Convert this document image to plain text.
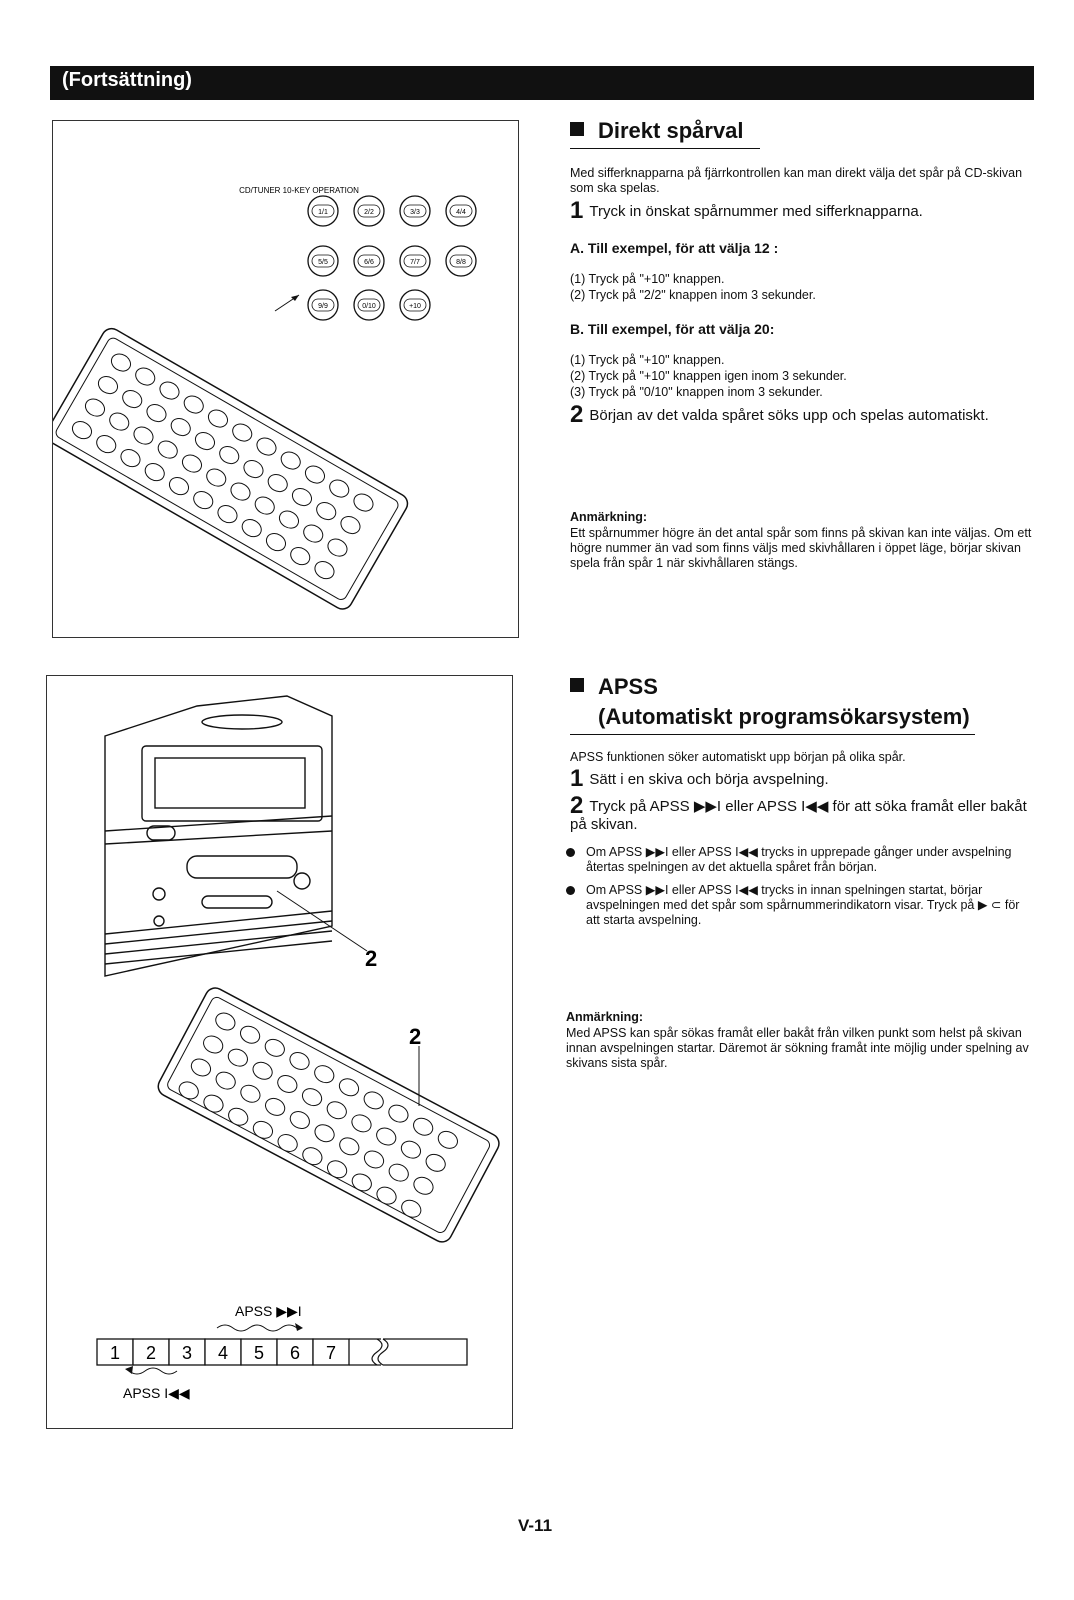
(Fortsättning)
CD/TUNER 10-KEY OPERATION
1/1	2/2	3/3	4/4
5/5	6/6	7/7	8/8
9/9	0/10	+10
Direkt spårval
Med sifferknapparna på fjärrkontrollen kan man direkt välja det spår på CD-skivan som ska spelas.
1 Tryck in önskat spårnummer med sifferknapparna.
A. Till exempel, för att välja 12 :
(1) Tryck på "+10" knappen.
(2) Tryck på "2/2" knappen inom 3 sekunder.
B. Till exempel, för att välja 20:
(1) Tryck på "+10" knappen.
(2) Tryck på "+10" knappen igen inom 3 sekunder.
(3) Tryck på "0/10" knappen inom 3 sekunder.
2 Början av det valda spåret söks upp och spelas automatiskt.
Anmärkning:
Ett spårnummer högre än det antal spår som finns på skivan kan inte väljas. Om ett högre nummer än vad som finns väljs med skivhållaren i öppet läge, börjar skivan spela från spår 1 när skivhållaren stängs.
2
2
APSS ▶▶I
1 2 3 4 5 6 7
APSS I◀◀
APSS
(Automatiskt programsökarsystem)
APSS funktionen söker automatiskt upp början på olika spår.
1 Sätt i en skiva och börja avspelning.
2 Tryck på APSS ▶▶I eller APSS I◀◀ för att söka framåt eller bakåt på skivan.
Om APSS ▶▶I eller APSS I◀◀ trycks in upprepade gånger under avspelning återtas spelningen av det aktuella spåret från början.
Om APSS ▶▶I eller APSS I◀◀ trycks in innan spelningen startat, börjar avspelningen med det spår som spårnummerindikatorn visar. Tryck på ▶ ⊂ för att starta avspelning.
Anmärkning:
Med APSS kan spår sökas framåt eller bakåt från vilken punkt som helst på skivan innan avspelningen startar. Däremot är sökning framåt inte möjlig under spelning av skivans sista spår.
V-11
